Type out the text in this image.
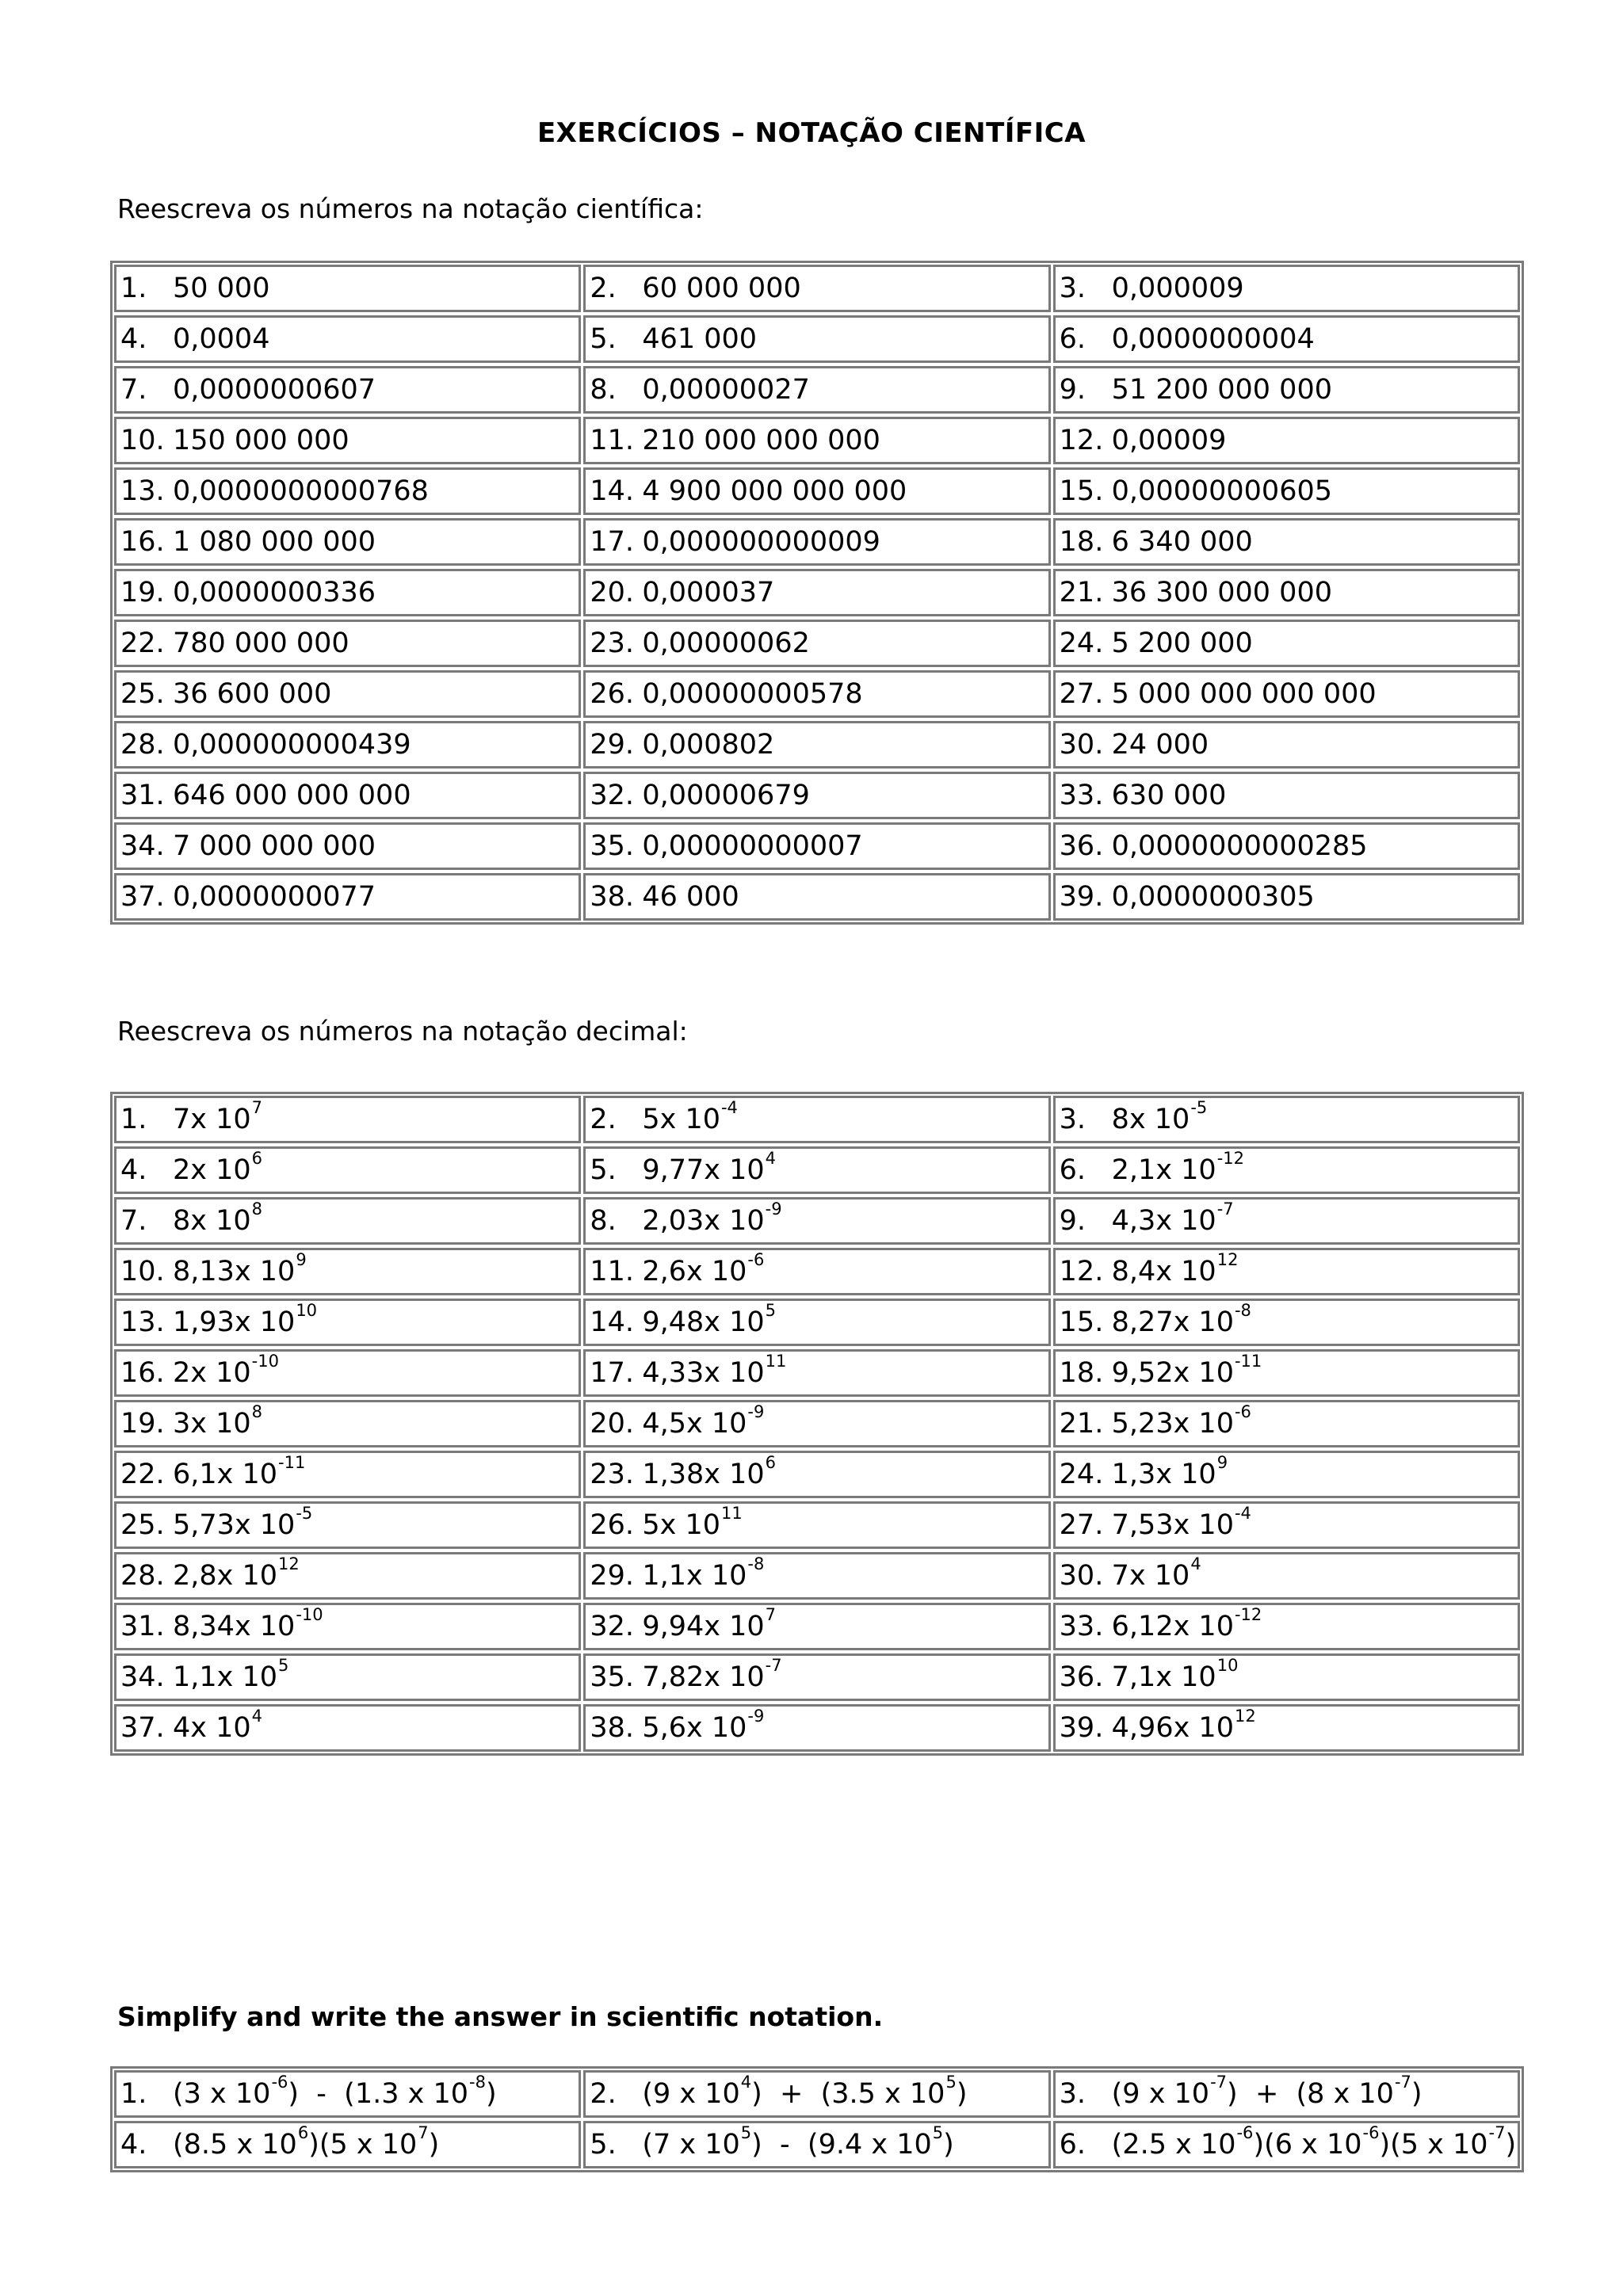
EXERCÍCIOS – NOTAÇÃO CIENTÍFICA
Reescreva os números na notação científica:
1. 50 000	2. 60 000 000	3. 0,000009
4. 0,0004	5. 461 000	6. 0,0000000004
7. 0,0000000607	8. 0,00000027	9. 51 200 000 000
10. 150 000 000	11. 210 000 000 000	12. 0,00009
13. 0,0000000000768	14. 4 900 000 000 000	15. 0,00000000605
16. 1 080 000 000	17. 0,000000000009	18. 6 340 000
19. 0,0000000336	20. 0,000037	21. 36 300 000 000
22. 780 000 000	23. 0,00000062	24. 5 200 000
25. 36 600 000	26. 0,00000000578	27. 5 000 000 000 000
28. 0,000000000439	29. 0,000802	30. 24 000
31. 646 000 000 000	32. 0,00000679	33. 630 000
34. 7 000 000 000	35. 0,00000000007	36. 0,0000000000285
37. 0,0000000077	38. 46 000	39. 0,0000000305
Reescreva os números na notação decimal:
1. 7 x 10 7	2. 5 x 10 -4	3. 8 x 10 -5
4. 2 x 10 6	5. 9,77 x 10 4	6. 2,1 x 10 -12
7. 8 x 10 8	8. 2,03 x 10 -9	9. 4,3 x 10 -7
10. 8,13 x 10 9	11. 2,6 x 10 -6	12. 8,4 x 10 12
13. 1,93 x 10 10	14. 9,48 x 10 5	15. 8,27 x 10 -8
16. 2 x 10 -10	17. 4,33 x 10 11	18. 9,52 x 10 -11
19. 3 x 10 8	20. 4,5 x 10 -9	21. 5,23 x 10 -6
22. 6,1 x 10 -11	23. 1,38 x 10 6	24. 1,3 x 10 9
25. 5,73 x 10 -5	26. 5 x 10 11	27. 7,53 x 10 -4
28. 2,8 x 10 12	29. 1,1 x 10 -8	30. 7 x 10 4
31. 8,34 x 10 -10	32. 9,94 x 10 7	33. 6,12 x 10 -12
34. 1,1 x 10 5	35. 7,82 x 10 -7	36. 7,1 x 10 10
37. 4 x 10 4	38. 5,6 x 10 -9	39. 4,96 x 10 12
Simplify and write the answer in scientific notation.
1. (3 x 10 -6 )  -  (1.3 x 10 -8 )	2. (9 x 10 4 )  +  (3.5 x 10 5 )	3. (9 x 10 -7 )  +  (8 x 10 -7 )
4. (8.5 x 10 6 )(5 x 10 7 )	5. (7 x 10 5 )  -  (9.4 x 10 5 )	6. (2.5 x 10 -6 )(6 x 10 -6 )(5 x 10 -7 )
